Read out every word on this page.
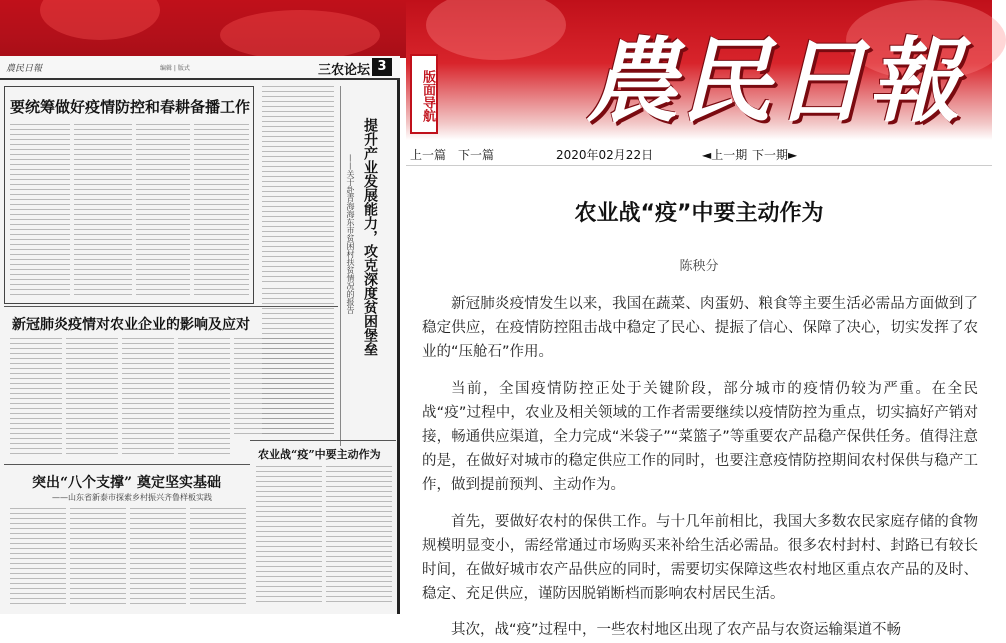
農民日報
版面导航
農民日報	编辑 | 版式	三农论坛 3
要统筹做好疫情防控和春耕备播工作
提升产业发展能力，攻克深度贫困堡垒
——关于赴青海海东市贫困村扶贫情况的报告
新冠肺炎疫情对农业企业的影响及应对
农业战“疫”中要主动作为
突出“八个支撑” 奠定坚实基础
——山东省新泰市探索乡村振兴齐鲁样板实践
上一篇 下一篇	2020年02月22日	◄上一期 下一期►
农业战“疫”中要主动作为
陈秧分

新冠肺炎疫情发生以来，我国在蔬菜、肉蛋奶、粮食等主要生活必需品方面做到了稳定供应，在疫情防控阻击战中稳定了民心、提振了信心、保障了决心，切实发挥了农业的“压舱石”作用。

当前，全国疫情防控正处于关键阶段，部分城市的疫情仍较为严重。在全民战“疫”过程中，农业及相关领域的工作者需要继续以疫情防控为重点，切实搞好产销对接，畅通供应渠道，全力完成“米袋子”“菜篮子”等重要农产品稳产保供任务。值得注意的是，在做好对城市的稳定供应工作的同时，也要注意疫情防控期间农村保供与稳产工作，做到提前预判、主动作为。

首先，要做好农村的保供工作。与十几年前相比，我国大多数农民家庭存储的食物规模明显变小，需经常通过市场购买来补给生活必需品。很多农村封村、封路已有较长时间，在做好城市农产品供应的同时，需要切实保障这些农村地区重点农产品的及时、稳定、充足供应，谨防因脱销断档而影响农村居民生活。

其次，战“疫”过程中，一些农村地区出现了农产品与农资运输渠道不畅
